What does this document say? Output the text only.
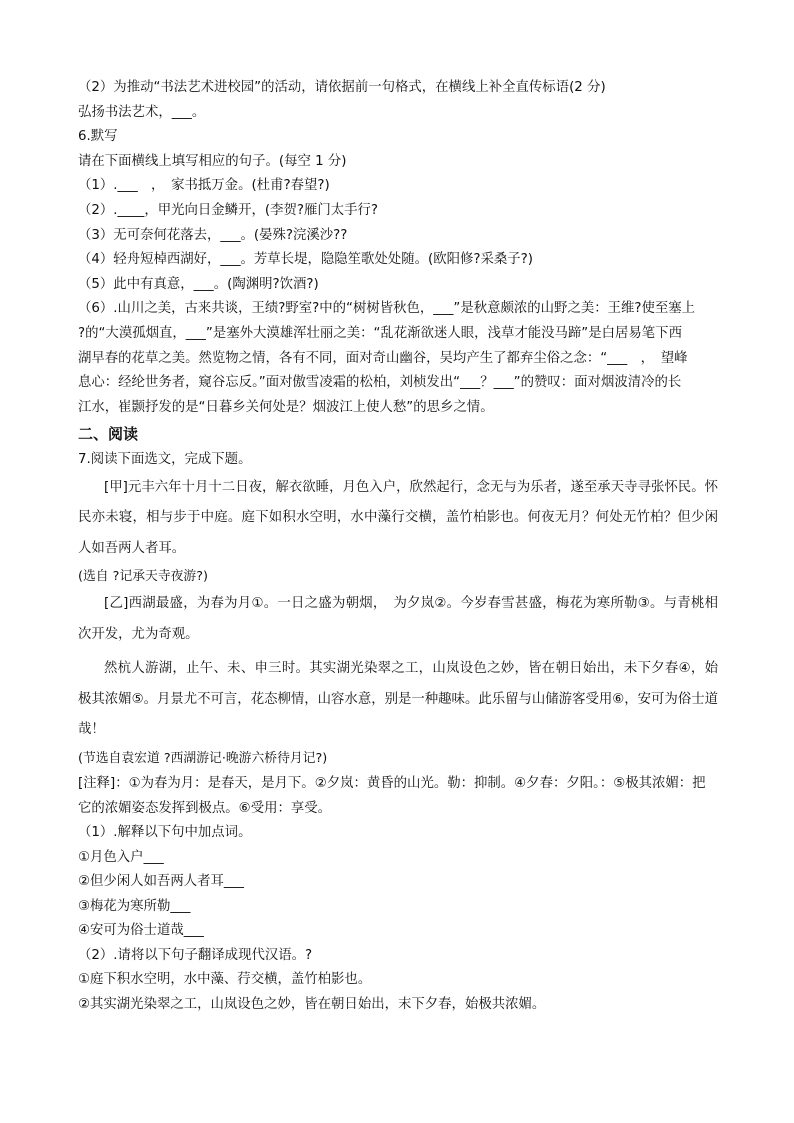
（2）为推动“书法艺术进校园”的活动，请依据前一句格式，在横线上补全直传标语(2 分)
弘扬书法艺术，___。
6.默写
请在下面横线上填写相应的句子。(每空 1 分)
（1）.___　，　家书抵万金。(杜甫?春望?)
（2）.____，甲光向日金鳞开，(李贺?雁门太手行?
（3）无可奈何花落去，___。(晏殊?浣溪沙??
（4）轻舟短棹西湖好，___。芳草长堤，隐隐笙歌处处随。(欧阳修?采桑子?)
（5）此中有真意，___。(陶渊明?饮酒?)
（6）.山川之美，古来共谈，王绩?野室?中的“树树皆秋色，___”是秋意颇浓的山野之美：王维?使至塞上
?的“大漠孤烟直，___”是塞外大漠雄浑壮丽之美：“乱花渐欲迷人眼，浅草才能没马蹄”是白居易笔下西
湖早春的花草之美。然览物之情，各有不同，面对奇山幽谷，吴均产生了都弃尘俗之念：“___　，　望峰
息心：经纶世务者，窥谷忘反。”面对傲雪凌霜的松柏，刘桢发出“___？___”的赞叹：面对烟波清冷的长
江水，崔颢抒发的是“日暮乡关何处是？烟波江上使人愁”的思乡之情。
二、阅读
7.阅读下面选文，完成下题。

[甲]元丰六年十月十二日夜，解衣欲睡，月色入户，欣然起行，念无与为乐者，遂至承天寺寻张怀民。怀民亦未寝，相与步于中庭。庭下如积水空明，水中藻行交横，盖竹柏影也。何夜无月？何处无竹柏？但少闲人如吾两人者耳。

(选自 ?记承天寺夜游?)

[乙]西湖最盛，为春为月①。一日之盛为朝烟，　为夕岚②。今岁春雪甚盛，梅花为寒所勒③。与青桃相次开发，尤为奇观。

然杭人游湖，止午、未、申三时。其实湖光染翠之工，山岚设色之妙，皆在朝日始出，未下夕春④，始极其浓媚⑤。月景尤不可言，花态柳情，山容水意，别是一种趣味。此乐留与山储游客受用⑥，安可为俗士道哉！

(节选自袁宏道 ?西湖游记·晚游六桥待月记?)
[注释]：①为春为月：是春天，是月下。②夕岚：黄昏的山光。勒：抑制。④夕春：夕阳。：⑤极其浓媚：把它的浓媚姿态发挥到极点。⑥受用：享受。
（1）.解释以下句中加点词。
①月色入户___
②但少闲人如吾两人者耳___
③梅花为寒所勒___
④安可为俗士道哉___
（2）.请将以下句子翻译成现代汉语。?
①庭下积水空明，水中藻、荇交横，盖竹柏影也。
②其实湖光染翠之工，山岚设色之妙，皆在朝日始出，末下夕春，始极共浓媚。
